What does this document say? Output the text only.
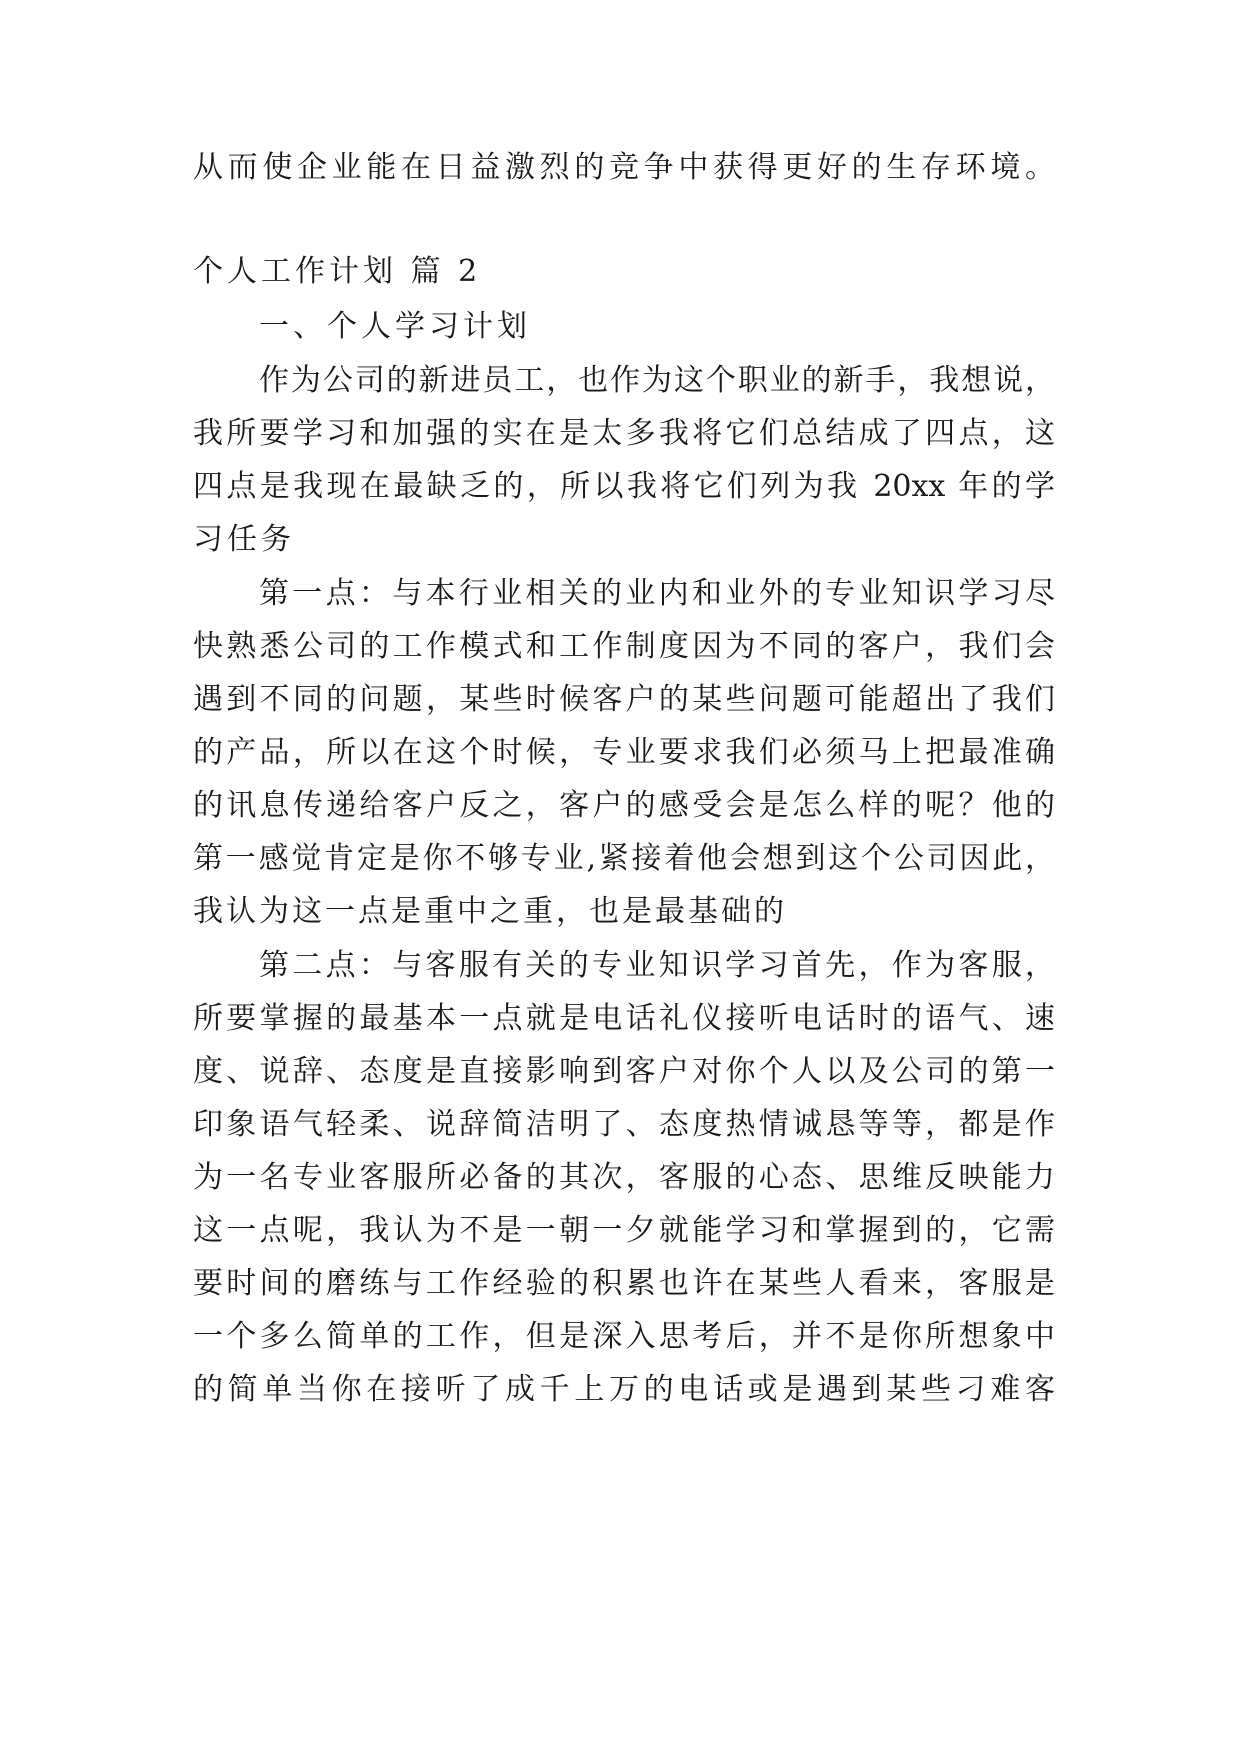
从而使企业能在日益激烈的竞争中获得更好的生存环境。
个人工作计划 篇 2
一、个人学习计划
作为公司的新进员工，也作为这个职业的新手，我想说，
我所要学习和加强的实在是太多我将它们总结成了四点，这
四点是我现在最缺乏的，所以我将它们列为我 20xx 年的学
习任务
第一点：与本行业相关的业内和业外的专业知识学习尽
快熟悉公司的工作模式和工作制度因为不同的客户，我们会
遇到不同的问题，某些时候客户的某些问题可能超出了我们
的产品，所以在这个时候，专业要求我们必须马上把最准确
的讯息传递给客户反之，客户的感受会是怎么样的呢？他的
第一感觉肯定是你不够专业,紧接着他会想到这个公司因此，
我认为这一点是重中之重，也是最基础的
第二点：与客服有关的专业知识学习首先，作为客服，
所要掌握的最基本一点就是电话礼仪接听电话时的语气、速
度、说辞、态度是直接影响到客户对你个人以及公司的第一
印象语气轻柔、说辞简洁明了、态度热情诚恳等等，都是作
为一名专业客服所必备的其次，客服的心态、思维反映能力
这一点呢，我认为不是一朝一夕就能学习和掌握到的，它需
要时间的磨练与工作经验的积累也许在某些人看来，客服是
一个多么简单的工作，但是深入思考后，并不是你所想象中
的简单当你在接听了成千上万的电话或是遇到某些刁难客
